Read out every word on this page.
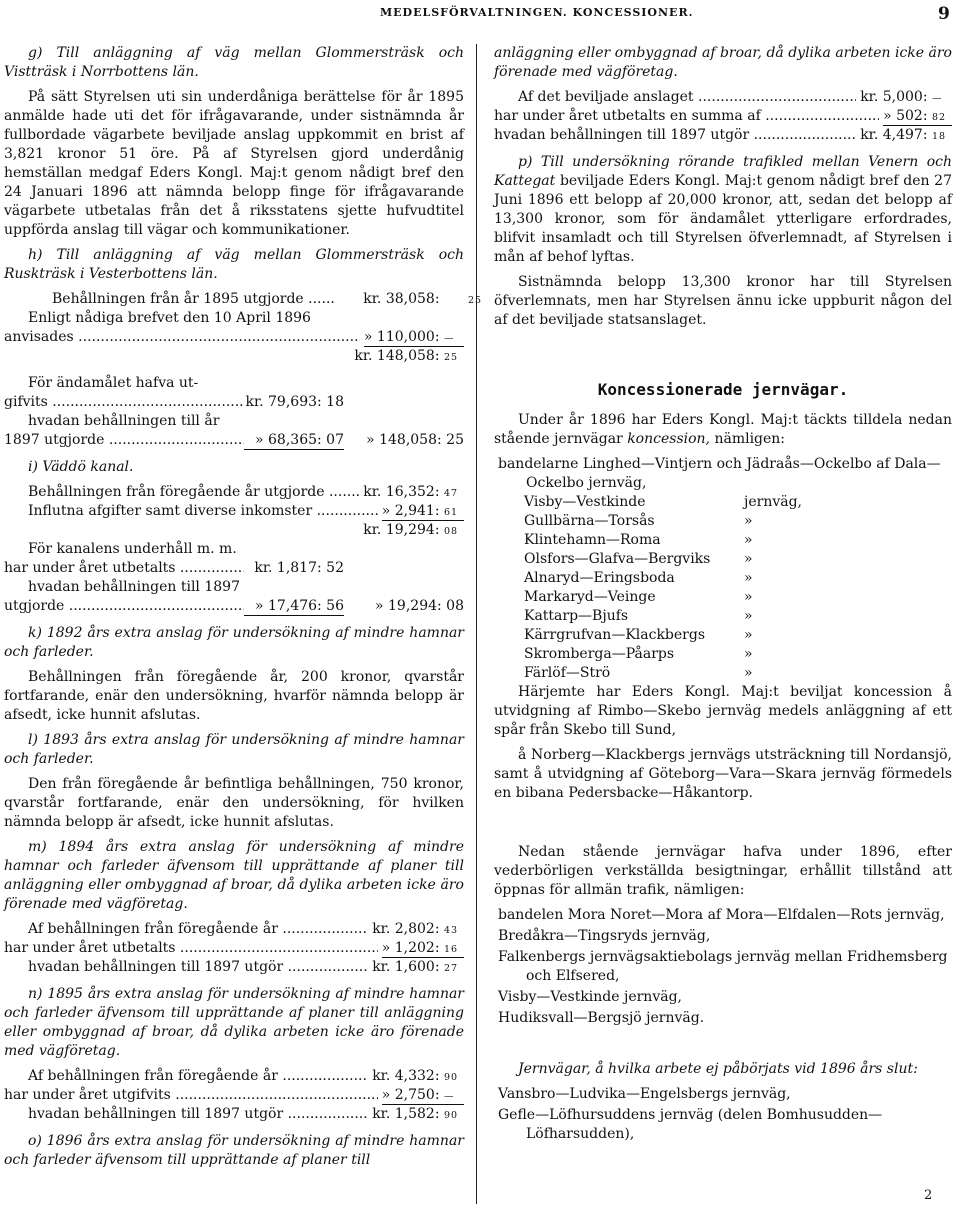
MEDELSFÖRVALTNINGEN. KONCESSIONER.	9
g) Till anläggning af väg mellan Glommersträsk och Vistträsk i Norrbottens län.
På sätt Styrelsen uti sin underdåniga berättelse för år 1895 anmälde hade uti det för ifrågavarande, under sistnämnda år fullbordade vägarbete beviljade anslag uppkommit en brist af 3,821 kronor 51 öre. På af Styrelsen gjord underdånig hemställan medgaf Eders Kongl. Maj:t genom nådigt bref den 24 Januari 1896 att nämnda belopp finge för ifrågavarande vägarbete utbetalas från det å riksstatens sjette hufvudtitel uppförda anslag till vägar och kommunikationer.
h) Till anläggning af väg mellan Glommersträsk och Ruskträsk i Vesterbottens län.
Behållningen från år 1895 utgjorde .....	kr. 38,058:	25
Enligt nådiga brefvet den 10 April 1896
anvisades .....	» 110,000: —
kr. 148,058: 25
För ändamålet hafva ut-
gifvits .....	kr. 79,693: 18
hvadan behållningen till år
1897 utgjorde .....	» 68,365: 07	» 148,058: 25
i) Väddö kanal.
Behållningen från föregående år utgjorde .....	kr. 16,352: 47
Influtna afgifter samt diverse inkomster .....	» 2,941: 61
kr. 19,294: 08
För kanalens underhåll m. m.
har under året utbetalts .....	kr. 1,817: 52
hvadan behållningen till 1897
utgjorde .....	» 17,476: 56	» 19,294: 08
k) 1892 års extra anslag för undersökning af mindre hamnar och farleder.
Behållningen från föregående år, 200 kronor, qvarstår fortfarande, enär den undersökning, hvarför nämnda belopp är afsedt, icke hunnit afslutas.
l) 1893 års extra anslag för undersökning af mindre hamnar och farleder.
Den från föregående år befintliga behållningen, 750 kronor, qvarstår fortfarande, enär den undersökning, för hvilken nämnda belopp är afsedt, icke hunnit afslutas.
m) 1894 års extra anslag för undersökning af mindre hamnar och farleder äfvensom till upprättande af planer till anläggning eller ombyggnad af broar, då dylika arbeten icke äro förenade med vägföretag.
Af behållningen från föregående år .....	kr. 2,802: 43
har under året utbetalts .....	» 1,202: 16
hvadan behållningen till 1897 utgör .....	kr. 1,600: 27
n) 1895 års extra anslag för undersökning af mindre hamnar och farleder äfvensom till upprättande af planer till anläggning eller ombyggnad af broar, då dylika arbeten icke äro förenade med vägföretag.
Af behållningen från föregående år .....	kr. 4,332: 90
har under året utgifvits .....	» 2,750: —
hvadan behållningen till 1897 utgör .....	kr. 1,582: 90
o) 1896 års extra anslag för undersökning af mindre hamnar och farleder äfvensom till upprättande af planer till
anläggning eller ombyggnad af broar, då dylika arbeten icke äro förenade med vägföretag.
Af det beviljade anslaget .....	kr. 5,000: —
har under året utbetalts en summa af .....	» 502: 82
hvadan behållningen till 1897 utgör .....	kr. 4,497: 18
p) Till undersökning rörande trafikled mellan Venern och Kattegat beviljade Eders Kongl. Maj:t genom nådigt bref den 27 Juni 1896 ett belopp af 20,000 kronor, att, sedan det belopp af 13,300 kronor, som för ändamålet ytterligare erfordrades, blifvit insamladt och till Styrelsen öfverlemnadt, af Styrelsen i mån af behof lyftas.
Sistnämnda belopp 13,300 kronor har till Styrelsen öfverlemnats, men har Styrelsen ännu icke uppburit någon del af det beviljade statsanslaget.
Koncessionerade jernvägar.
Under år 1896 har Eders Kongl. Maj:t täckts tilldela nedan stående jernvägar koncession, nämligen:
bandelarne Linghed—Vintjern och Jädraås—Ockelbo af Dala—Ockelbo jernväg,
Visby—Vestkinde	jernväg,
Gullbärna—Torsås	»
Klintehamn—Roma	»
Olsfors—Glafva—Bergviks	»
Alnaryd—Eringsboda	»
Markaryd—Veinge	»
Kattarp—Bjufs	»
Kärrgrufvan—Klackbergs	»
Skromberga—Påarps	»
Färlöf—Strö	»
Härjemte har Eders Kongl. Maj:t beviljat koncession å utvidgning af Rimbo—Skebo jernväg medels anläggning af ett spår från Skebo till Sund,
å Norberg—Klackbergs jernvägs utsträckning till Nordansjö, samt å utvidgning af Göteborg—Vara—Skara jernväg förmedels en bibana Pedersbacke—Håkantorp.
Nedan stående jernvägar hafva under 1896, efter vederbörligen verkställda besigtningar, erhållit tillstånd att öppnas för allmän trafik, nämligen:
bandelen Mora Noret—Mora af Mora—Elfdalen—Rots jernväg,
Bredåkra—Tingsryds jernväg,
Falkenbergs jernvägsaktiebolags jernväg mellan Fridhemsberg och Elfsered,
Visby—Vestkinde jernväg,
Hudiksvall—Bergsjö jernväg.
Jernvägar, å hvilka arbete ej påbörjats vid 1896 års slut:
Vansbro—Ludvika—Engelsbergs jernväg,
Gefle—Löfhursuddens jernväg (delen Bomhusudden—Löfharsudden),
2
